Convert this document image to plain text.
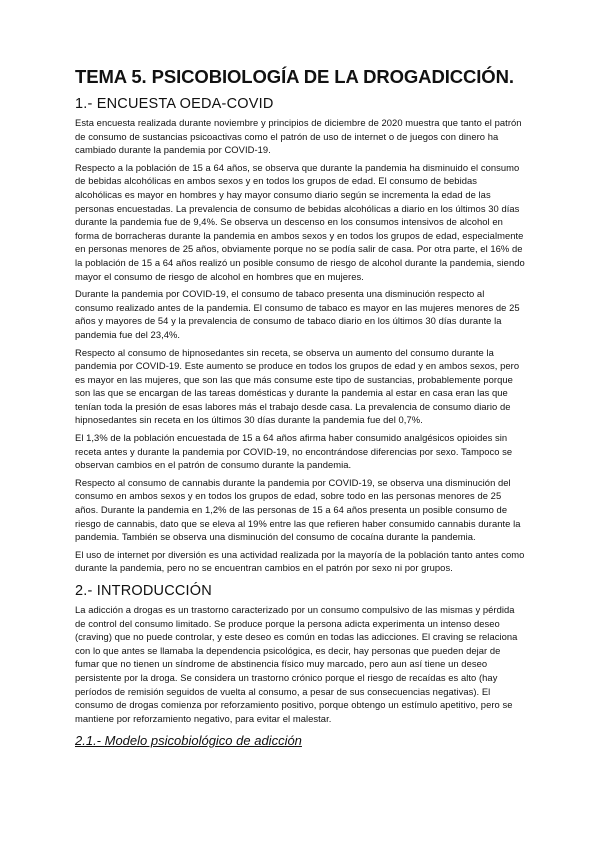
TEMA 5. PSICOBIOLOGÍA DE LA DROGADICCIÓN.
1.- ENCUESTA OEDA-COVID

Esta encuesta realizada durante noviembre y principios de diciembre de 2020 muestra que tanto el patrón de consumo de sustancias psicoactivas como el patrón de uso de internet o de juegos con dinero ha cambiado durante la pandemia por COVID-19.

Respecto a la población de 15 a 64 años, se observa que durante la pandemia ha disminuido el consumo de bebidas alcohólicas en ambos sexos y en todos los grupos de edad. El consumo de bebidas alcohólicas es mayor en hombres y hay mayor consumo diario según se incrementa la edad de las personas encuestadas. La prevalencia de consumo de bebidas alcohólicas a diario en los últimos 30 días durante la pandemia fue de 9,4%. Se observa un descenso en los consumos intensivos de alcohol en forma de borracheras durante la pandemia en ambos sexos y en todos los grupos de edad, especialmente en personas menores de 25 años, obviamente porque no se podía salir de casa. Por otra parte, el 16% de la población de 15 a 64 años realizó un posible consumo de riesgo de alcohol durante la pandemia, siendo mayor el consumo de riesgo de alcohol en hombres que en mujeres.

Durante la pandemia por COVID-19, el consumo de tabaco presenta una disminución respecto al consumo realizado antes de la pandemia. El consumo de tabaco es mayor en las mujeres menores de 25 años y mayores de 54 y la prevalencia de consumo de tabaco diario en los últimos 30 días durante la pandemia fue del 23,4%.

Respecto al consumo de hipnosedantes sin receta, se observa un aumento del consumo durante la pandemia por COVID-19. Este aumento se produce en todos los grupos de edad y en ambos sexos, pero es mayor en las mujeres, que son las que más consume este tipo de sustancias, probablemente porque son las que se encargan de las tareas domésticas y durante la pandemia al estar en casa eran las que tenían toda la presión de esas labores más el trabajo desde casa. La prevalencia de consumo diario de hipnosedantes sin receta en los últimos 30 días durante la pandemia fue del 0,7%.

El 1,3% de la población encuestada de 15 a 64 años afirma haber consumido analgésicos opioides sin receta antes y durante la pandemia por COVID-19, no encontrándose diferencias por sexo. Tampoco se observan cambios en el patrón de consumo durante la pandemia.

Respecto al consumo de cannabis durante la pandemia por COVID-19, se observa una disminución del consumo en ambos sexos y en todos los grupos de edad, sobre todo en las personas menores de 25 años. Durante la pandemia en 1,2% de las personas de 15 a 64 años presenta un posible consumo de riesgo de cannabis, dato que se eleva al 19% entre las que refieren haber consumido cannabis durante la pandemia. También se observa una disminución del consumo de cocaína durante la pandemia.

El uso de internet por diversión es una actividad realizada por la mayoría de la población tanto antes como durante la pandemia, pero no se encuentran cambios en el patrón por sexo ni por grupos.

2.- INTRODUCCIÓN

La adicción a drogas es un trastorno caracterizado por un consumo compulsivo de las mismas y pérdida de control del consumo limitado. Se produce porque la persona adicta experimenta un intenso deseo (craving) que no puede controlar, y este deseo es común en todas las adicciones. El craving se relaciona con lo que antes se llamaba la dependencia psicológica, es decir, hay personas que pueden dejar de fumar que no tienen un síndrome de abstinencia físico muy marcado, pero aun así tiene un deseo persistente por la droga. Se considera un trastorno crónico porque el riesgo de recaídas es alto (hay períodos de remisión seguidos de vuelta al consumo, a pesar de sus consecuencias negativas). El consumo de drogas comienza por reforzamiento positivo, porque obtengo un estímulo apetitivo, pero se mantiene por reforzamiento negativo, para evitar el malestar.

2.1.- Modelo psicobiológico de adicción
